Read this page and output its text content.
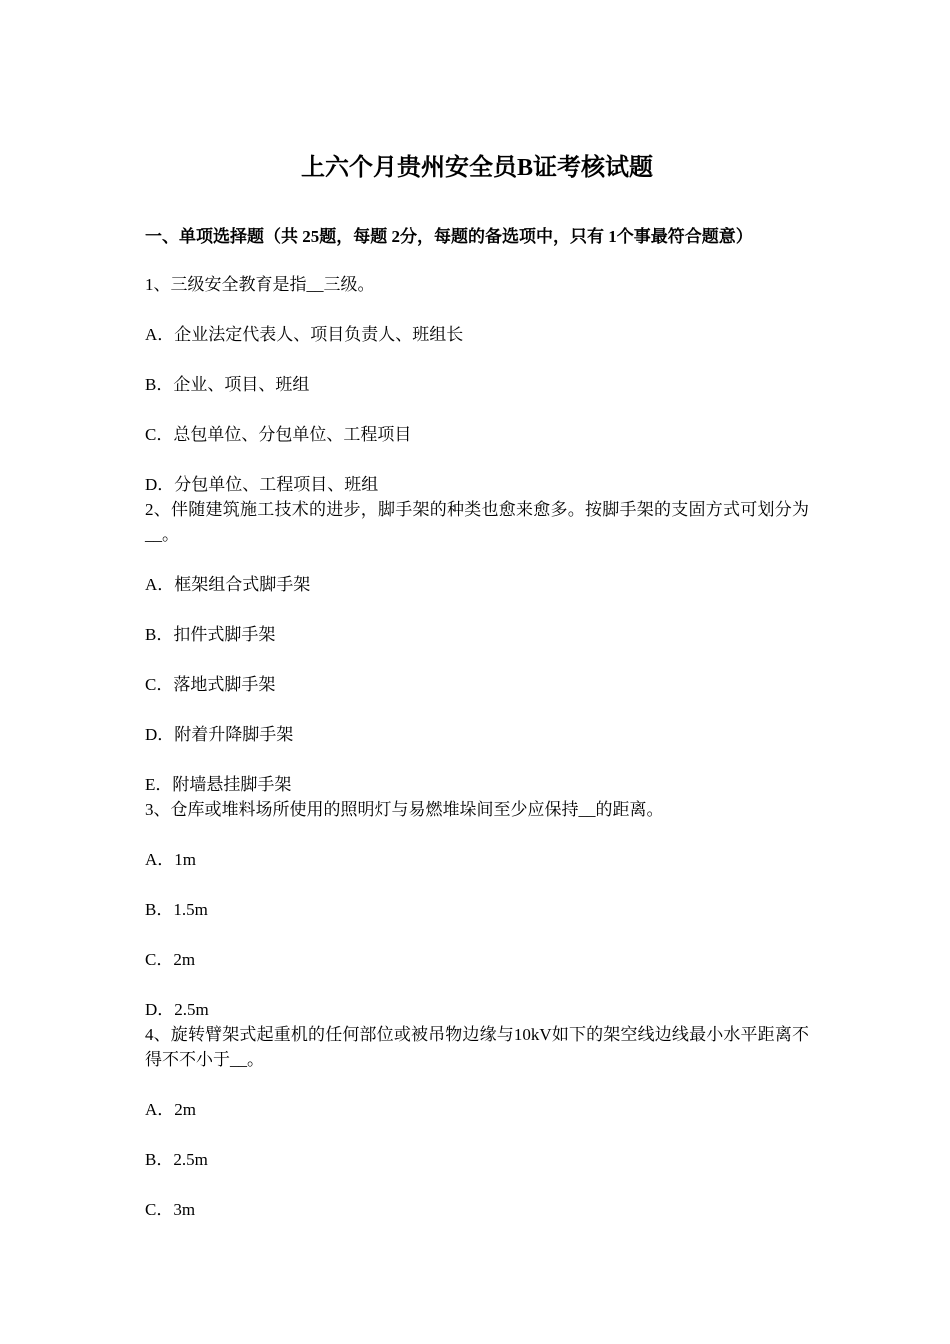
上六个月贵州安全员B证考核试题
一、单项选择题（共 25题，每题 2分，每题的备选项中，只有 1个事最符合题意）

1、三级安全教育是指__三级。

A．企业法定代表人、项目负责人、班组长

B．企业、项目、班组

C．总包单位、分包单位、工程项目

D．分包单位、工程项目、班组

2、伴随建筑施工技术的进步，脚手架的种类也愈来愈多。按脚手架的支固方式可划分为__。

A．框架组合式脚手架

B．扣件式脚手架

C．落地式脚手架

D．附着升降脚手架

E．附墙悬挂脚手架

3、仓库或堆料场所使用的照明灯与易燃堆垛间至少应保持__的距离。

A．1m

B．1.5m

C．2m

D．2.5m

4、旋转臂架式起重机的任何部位或被吊物边缘与10kV如下的架空线边线最小水平距离不得不不小于__。

A．2m

B．2.5m

C．3m
